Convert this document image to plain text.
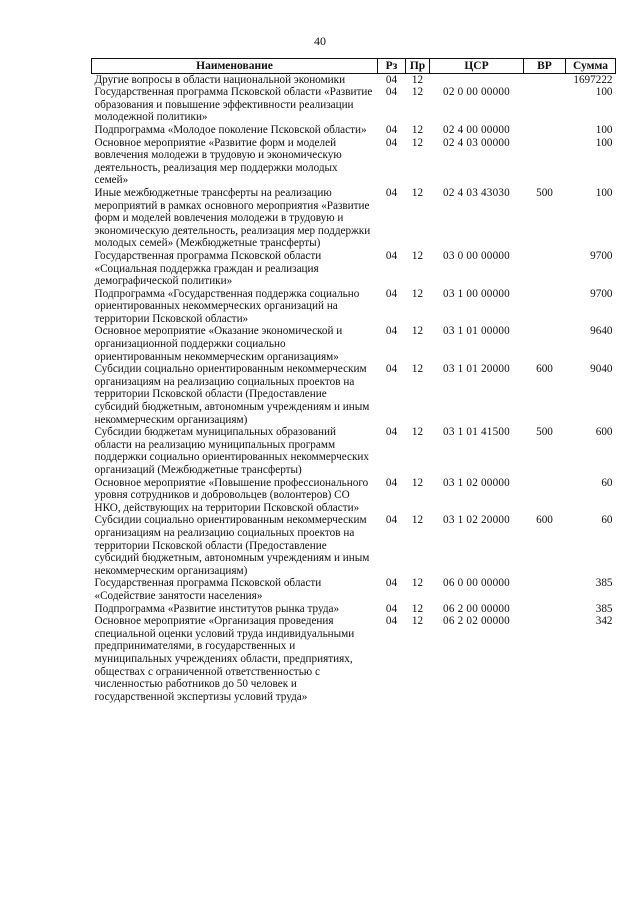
40
Наименование	Рз	Пр	ЦСР	ВР	Сумма
Другие вопросы в области национальной экономики	04	12			1697222
Государственная программа Псковской области «Развитие образования и повышение эффективности реализации молодежной политики»	04	12	02 0 00 00000		100
Подпрограмма «Молодое поколение Псковской области»	04	12	02 4 00 00000		100
Основное мероприятие «Развитие форм и моделей вовлечения молодежи в трудовую и экономическую деятельность, реализация мер поддержки молодых семей»	04	12	02 4 03 00000		100
Иные межбюджетные трансферты на реализацию мероприятий в рамках основного мероприятия «Развитие форм и моделей вовлечения молодежи в трудовую и экономическую деятельность, реализация мер поддержки молодых семей» (Межбюджетные трансферты)	04	12	02 4 03 43030	500	100
Государственная программа Псковской области «Социальная поддержка граждан и реализация демографической политики»	04	12	03 0 00 00000		9700
Подпрограмма «Государственная поддержка социально ориентированных некоммерческих организаций на территории Псковской области»	04	12	03 1 00 00000		9700
Основное мероприятие «Оказание экономической и организационной поддержки социально ориентированным некоммерческим организациям»	04	12	03 1 01 00000		9640
Субсидии социально ориентированным некоммерческим организациям на реализацию социальных проектов на территории Псковской области (Предоставление субсидий бюджетным, автономным учреждениям и иным некоммерческим организациям)	04	12	03 1 01 20000	600	9040
Субсидии бюджетам муниципальных образований области на реализацию муниципальных программ поддержки социально ориентированных некоммерческих организаций (Межбюджетные трансферты)	04	12	03 1 01 41500	500	600
Основное мероприятие «Повышение профессионального уровня сотрудников и добровольцев (волонтеров) СО НКО, действующих на территории Псковской области»	04	12	03 1 02 00000		60
Субсидии социально ориентированным некоммерческим организациям на реализацию социальных проектов на территории Псковской области (Предоставление субсидий бюджетным, автономным учреждениям и иным некоммерческим организациям)	04	12	03 1 02 20000	600	60
Государственная программа Псковской области «Содействие занятости населения»	04	12	06 0 00 00000		385
Подпрограмма «Развитие институтов рынка труда»	04	12	06 2 00 00000		385
Основное мероприятие «Организация проведения специальной оценки условий труда индивидуальными предпринимателями, в государственных и муниципальных учреждениях области, предприятиях, обществах с ограниченной ответственностью с численностью работников до 50 человек и государственной экспертизы условий труда»	04	12	06 2 02 00000		342
